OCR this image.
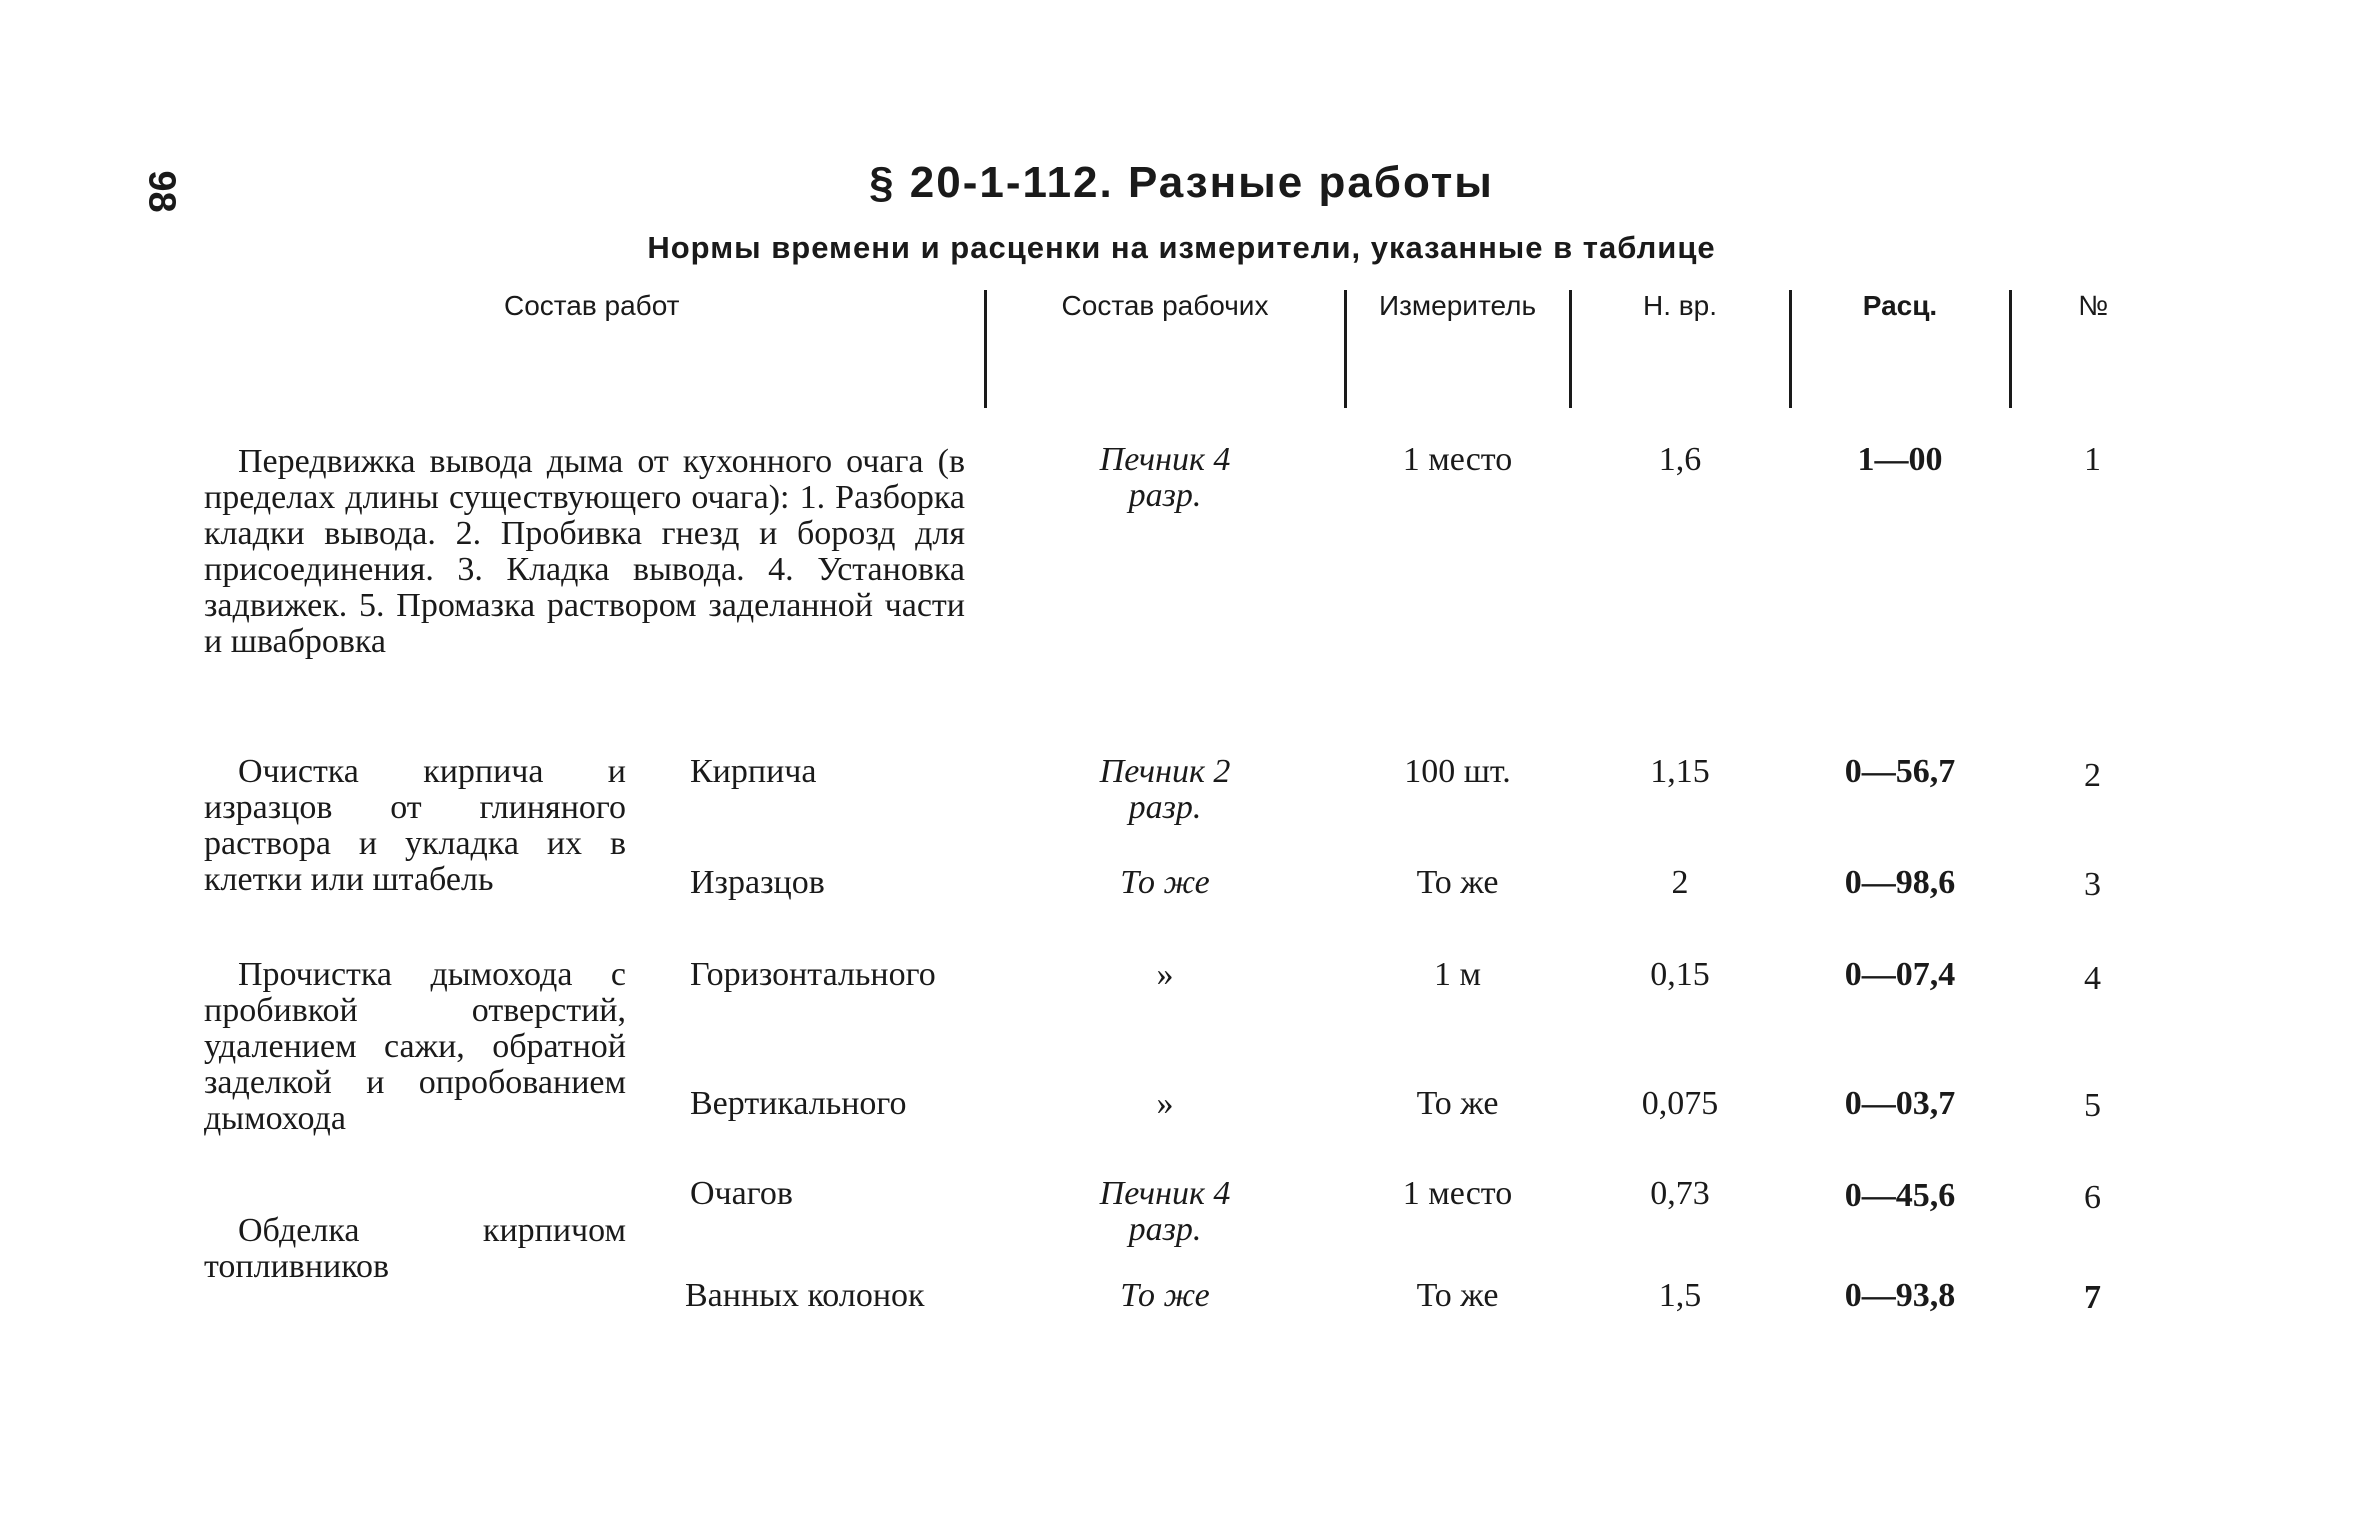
98	§ 20-1-112. Разные работы
Нормы времени и расценки на измерители, указанные в таблице
Состав работ		Состав рабочих	Измеритель	Н. вр.	Расц.	№

Передвижка вывода дыма от кухонного очага (в пределах длины существующего очага): 1. Разборка кладки вывода. 2. Пробивка гнезд и борозд для присоединения. 3. Кладка вывода. 4. Установка задвижек. 5. Промазка раствором заделанной части и швабровка		Печник 4 разр.	1 место	1,6	1—00	1

Очистка кирпича и изразцов от глиняного раствора и укладка их в клетки или штабель	Кирпича	Печник 2 разр.	100 шт.	1,15	0—56,7	2

	Изразцов	То же	То же	2	0—98,6	3

Прочистка дымохода с пробивкой отверстий, удалением сажи, обратной заделкой и опробованием дымохода	Горизонтального	»	1 м	0,15	0—07,4	4

	Вертикального	»	То же	0,075	0—03,7	5

Обделка кирпичом топливников	Очагов	Печник 4 разр.	1 место	0,73	0—45,6	6

	Ванных колонок	То же	То же	1,5	0—93,8	7
